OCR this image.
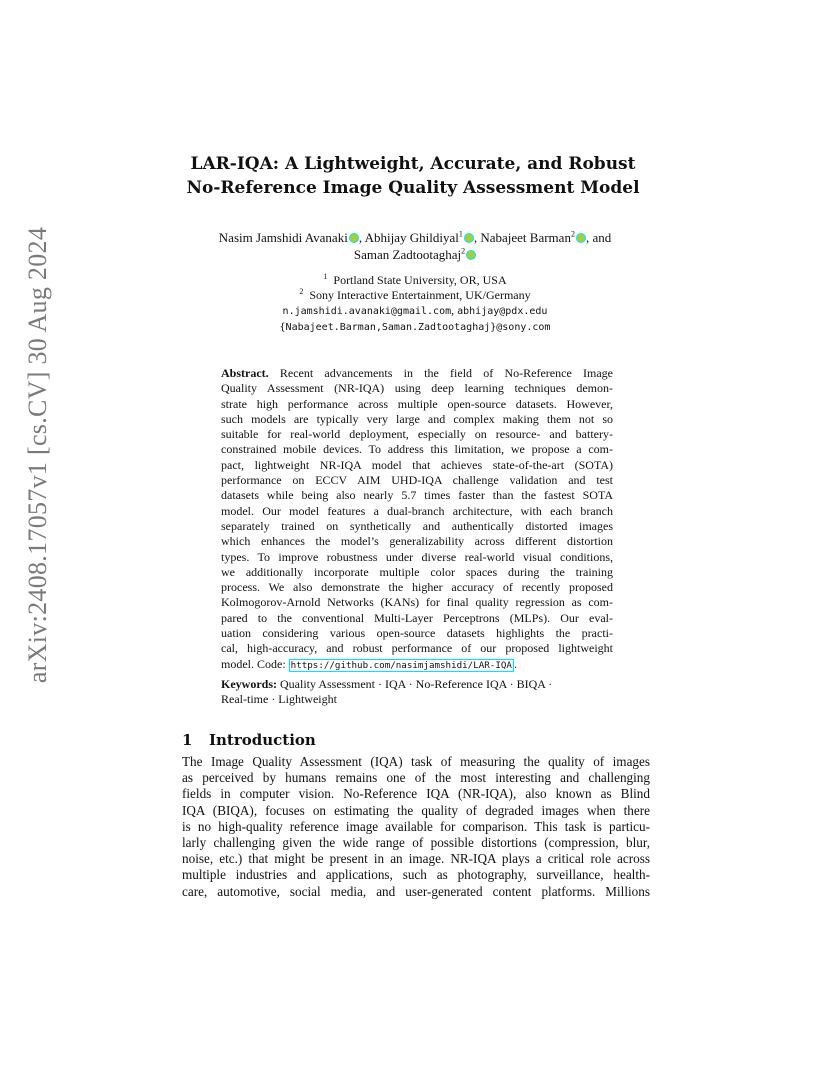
arXiv:2408.17057v1 [cs.CV] 30 Aug 2024
LAR-IQA: A Lightweight, Accurate, and Robust
No-Reference Image Quality Assessment Model
Nasim Jamshidi Avanaki , Abhijay Ghildiyal$^1$ , Nabajeet Barman$^2$ , and
Saman Zadtootaghaj$^2$
$^1$ Portland State University, OR, USA
$^2$ Sony Interactive Entertainment, UK/Germany
n.jamshidi.avanaki@gmail.com, abhijay@pdx.edu
{Nabajeet.Barman,Saman.Zadtootaghaj}@sony.com
Abstract. Recent advancements in the field of No-Reference Image
Quality Assessment (NR-IQA) using deep learning techniques demon-
strate high performance across multiple open-source datasets. However,
such models are typically very large and complex making them not so
suitable for real-world deployment, especially on resource- and battery-
constrained mobile devices. To address this limitation, we propose a com-
pact, lightweight NR-IQA model that achieves state-of-the-art (SOTA)
performance on ECCV AIM UHD-IQA challenge validation and test
datasets while being also nearly 5.7 times faster than the fastest SOTA
model. Our model features a dual-branch architecture, with each branch
separately trained on synthetically and authentically distorted images
which enhances the model’s generalizability across different distortion
types. To improve robustness under diverse real-world visual conditions,
we additionally incorporate multiple color spaces during the training
process. We also demonstrate the higher accuracy of recently proposed
Kolmogorov-Arnold Networks (KANs) for final quality regression as com-
pared to the conventional Multi-Layer Perceptrons (MLPs). Our eval-
uation considering various open-source datasets highlights the practi-
cal, high-accuracy, and robust performance of our proposed lightweight
model. Code: https://github.com/nasimjamshidi/LAR-IQA .
Keywords: Quality Assessment · IQA · No-Reference IQA · BIQA ·
Real-time · Lightweight
1 Introduction
The Image Quality Assessment (IQA) task of measuring the quality of images
as perceived by humans remains one of the most interesting and challenging
fields in computer vision. No-Reference IQA (NR-IQA), also known as Blind
IQA (BIQA), focuses on estimating the quality of degraded images when there
is no high-quality reference image available for comparison. This task is particu-
larly challenging given the wide range of possible distortions (compression, blur,
noise, etc.) that might be present in an image. NR-IQA plays a critical role across
multiple industries and applications, such as photography, surveillance, health-
care, automotive, social media, and user-generated content platforms. Millions
